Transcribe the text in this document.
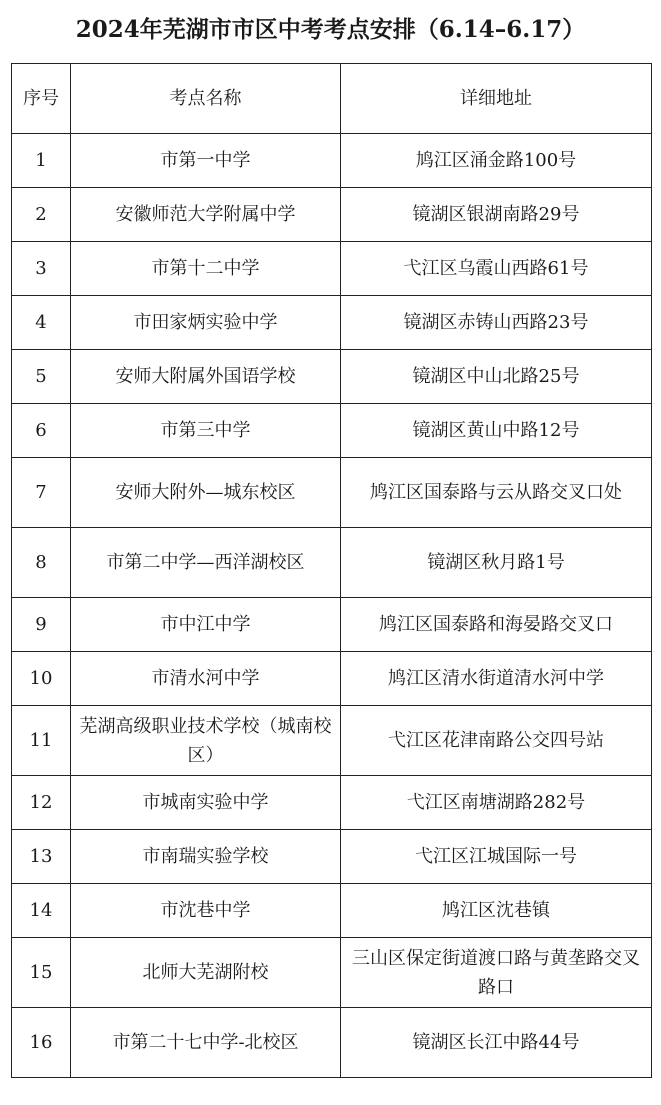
2024年芜湖市市区中考考点安排（6.14–6.17）
序号	考点名称	详细地址
1	市第一中学	鸠江区涌金路100号
2	安徽师范大学附属中学	镜湖区银湖南路29号
3	市第十二中学	弋江区乌霞山西路61号
4	市田家炳实验中学	镜湖区赤铸山西路23号
5	安师大附属外国语学校	镜湖区中山北路25号
6	市第三中学	镜湖区黄山中路12号
7	安师大附外—城东校区	鸠江区国泰路与云从路交叉口处
8	市第二中学—西洋湖校区	镜湖区秋月路1号
9	市中江中学	鸠江区国泰路和海晏路交叉口
10	市清水河中学	鸠江区清水街道清水河中学
11	芜湖高级职业技术学校（城南校区）	弋江区花津南路公交四号站
12	市城南实验中学	弋江区南塘湖路282号
13	市南瑞实验学校	弋江区江城国际一号
14	市沈巷中学	鸠江区沈巷镇
15	北师大芜湖附校	三山区保定街道渡口路与黄垄路交叉路口
16	市第二十七中学-北校区	镜湖区长江中路44号
